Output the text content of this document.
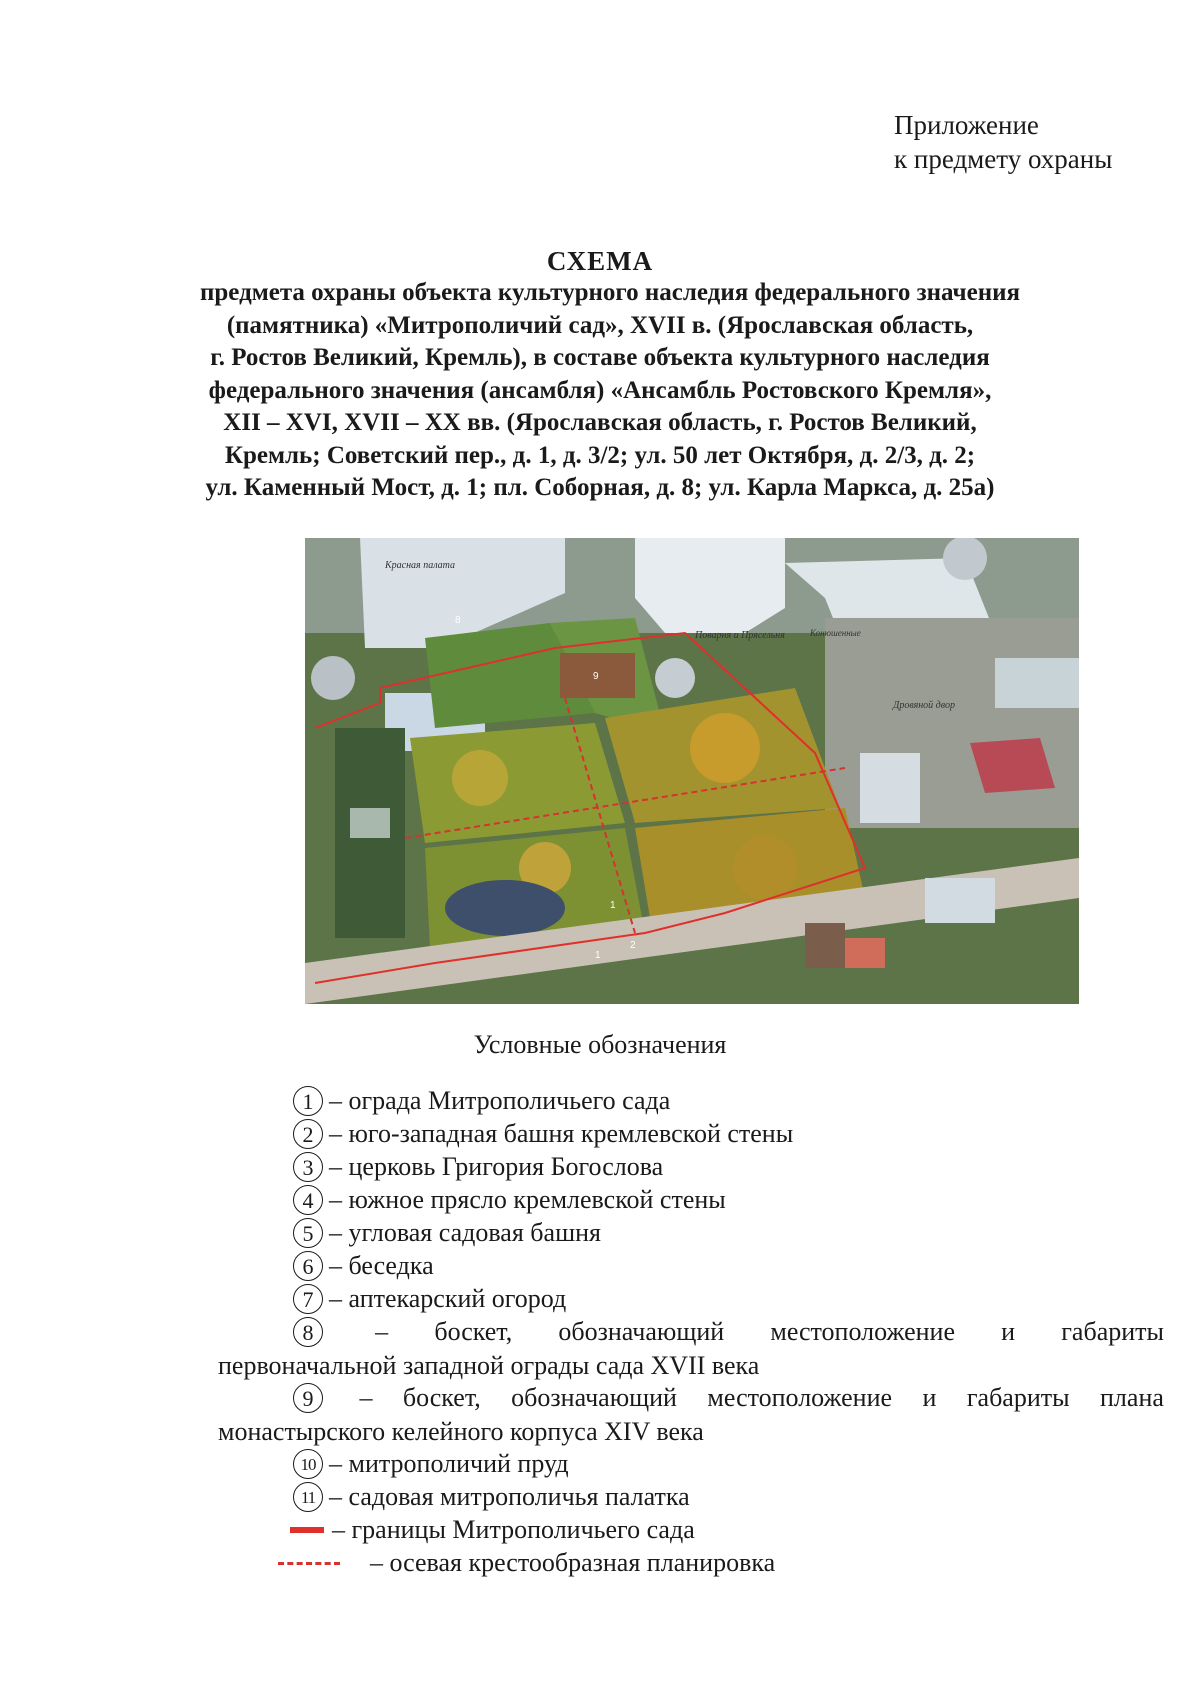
Приложение
к предмету охраны
СХЕМА
предмета охраны объекта культурного наследия федерального значения
(памятника) «Митрополичий сад», XVII в. (Ярославская область,
г. Ростов Великий, Кремль), в составе объекта культурного наследия
федерального значения (ансамбля) «Ансамбль Ростовского Кремля»,
XII – XVI, XVII – XX вв. (Ярославская область, г. Ростов Великий,
Кремль; Советский пер., д. 1, д. 3/2; ул. 50 лет Октября, д. 2/3, д. 2;
ул. Каменный Мост, д. 1; пл. Соборная, д. 8; ул. Карла Маркса, д. 25а)
Красная палата
Поварня и Прясельня
Дровяной двор
Конюшенные
9
8
1
2
1
Условные обозначения
1 – ограда Митрополичьего сада
2 – юго-западная башня кремлевской стены
3 – церковь Григория Богослова
4 – южное прясло кремлевской стены
5 – угловая садовая башня
6 – беседка
7 – аптекарский огород
8	– боскет, обозначающий местоположение и габариты
первоначальной западной ограды сада XVII века
9	– боскет, обозначающий местоположение и габариты плана
монастырского келейного корпуса XIV века
10 – митрополичий пруд
11 – садовая митрополичья палатка
– границы Митрополичьего сада
– осевая крестообразная планировка
